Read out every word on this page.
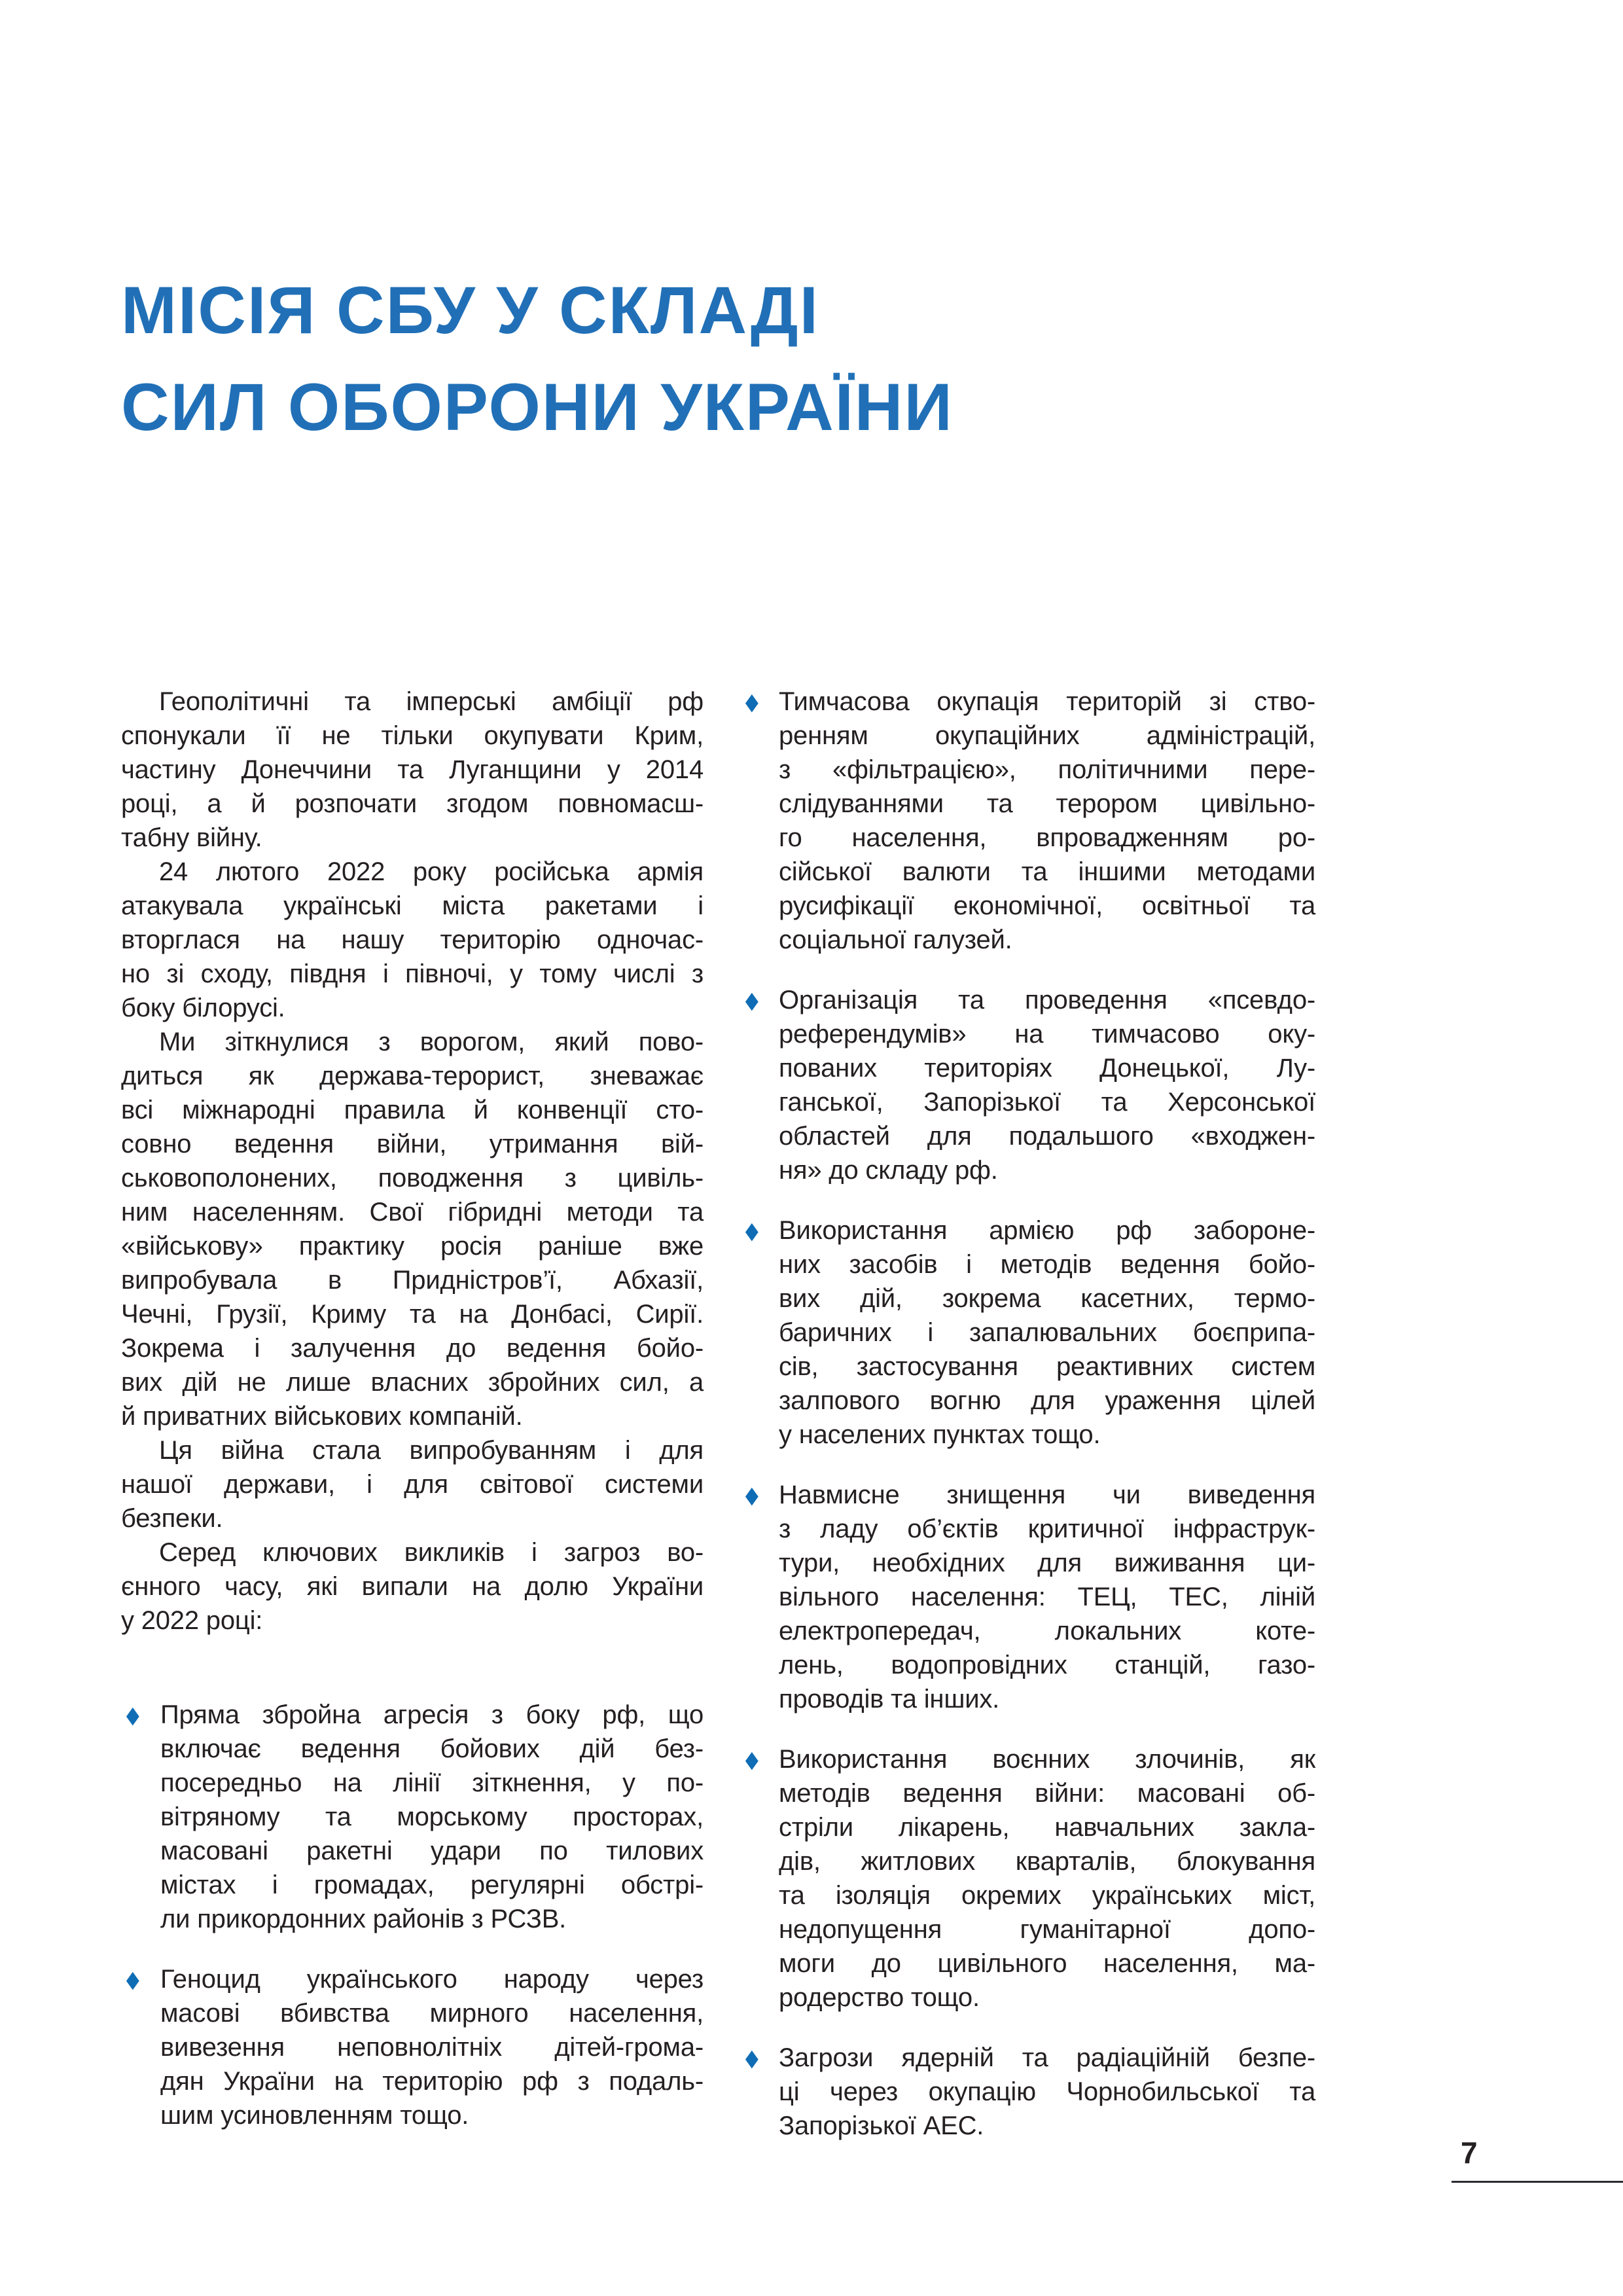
МІСІЯ СБУ У СКЛАДІ
СИЛ ОБОРОНИ УКРАЇНИ
Геополітичні та імперські амбіції рф
спонукали її не тільки окупувати Крим,
частину Донеччини та Луганщини у 2014
році, а й розпочати згодом повномасш-
табну війну.
24 лютого 2022 року російська армія
атакувала українські міста ракетами і
вторглася на нашу територію одночас-
но зі сходу, півдня і півночі, у тому числі з
боку білорусі.
Ми зіткнулися з ворогом, який пово-
диться як держава-терорист, зневажає
всі міжнародні правила й конвенції сто-
совно ведення війни, утримання вій-
ськовополонених, поводження з цивіль-
ним населенням. Свої гібридні методи та
«військову» практику росія раніше вже
випробувала в Придністров’ї, Абхазії,
Чечні, Грузії, Криму та на Донбасі, Сирії.
Зокрема і залучення до ведення бойо-
вих дій не лише власних збройних сил, а
й приватних військових компаній.
Ця війна стала випробуванням і для
нашої держави, і для світової системи
безпеки.
Серед ключових викликів і загроз во-
єнного часу, які випали на долю України
у 2022 році:
◆ Пряма збройна агресія з боку рф, що
включає ведення бойових дій без-
посередньо на лінії зіткнення, у по-
вітряному та морському просторах,
масовані ракетні удари по тилових
містах і громадах, регулярні обстрі-
ли прикордонних районів з РСЗВ.
◆ Геноцид українського народу через
масові вбивства мирного населення,
вивезення неповнолітніх дітей-грома-
дян України на територію рф з подаль-
шим усиновленням тощо.
◆ Тимчасова окупація територій зі ство-
ренням окупаційних адміністрацій,
з «фільтрацією», політичними пере-
слідуваннями та терором цивільно-
го населення, впровадженням ро-
сійської валюти та іншими методами
русифікації економічної, освітньої та
соціальної галузей.
◆ Організація та проведення «псевдо-
референдумів» на тимчасово оку-
пованих територіях Донецької, Лу-
ганської, Запорізької та Херсонської
областей для подальшого «входжен-
ня» до складу рф.
◆ Використання армією рф забороне-
них засобів і методів ведення бойо-
вих дій, зокрема касетних, термо-
баричних і запалювальних боєприпа-
сів, застосування реактивних систем
залпового вогню для ураження цілей
у населених пунктах тощо.
◆ Навмисне знищення чи виведення
з ладу об’єктів критичної інфраструк-
тури, необхідних для виживання ци-
вільного населення: ТЕЦ, ТЕС, ліній
електропередач, локальних коте-
лень, водопровідних станцій, газо-
проводів та інших.
◆ Використання воєнних злочинів, як
методів ведення війни: масовані об-
стріли лікарень, навчальних закла-
дів, житлових кварталів, блокування
та ізоляція окремих українських міст,
недопущення гуманітарної допо-
моги до цивільного населення, ма-
родерство тощо.
◆ Загрози ядерній та радіаційній безпе-
ці через окупацію Чорнобильської та
Запорізької АЕС.
7
